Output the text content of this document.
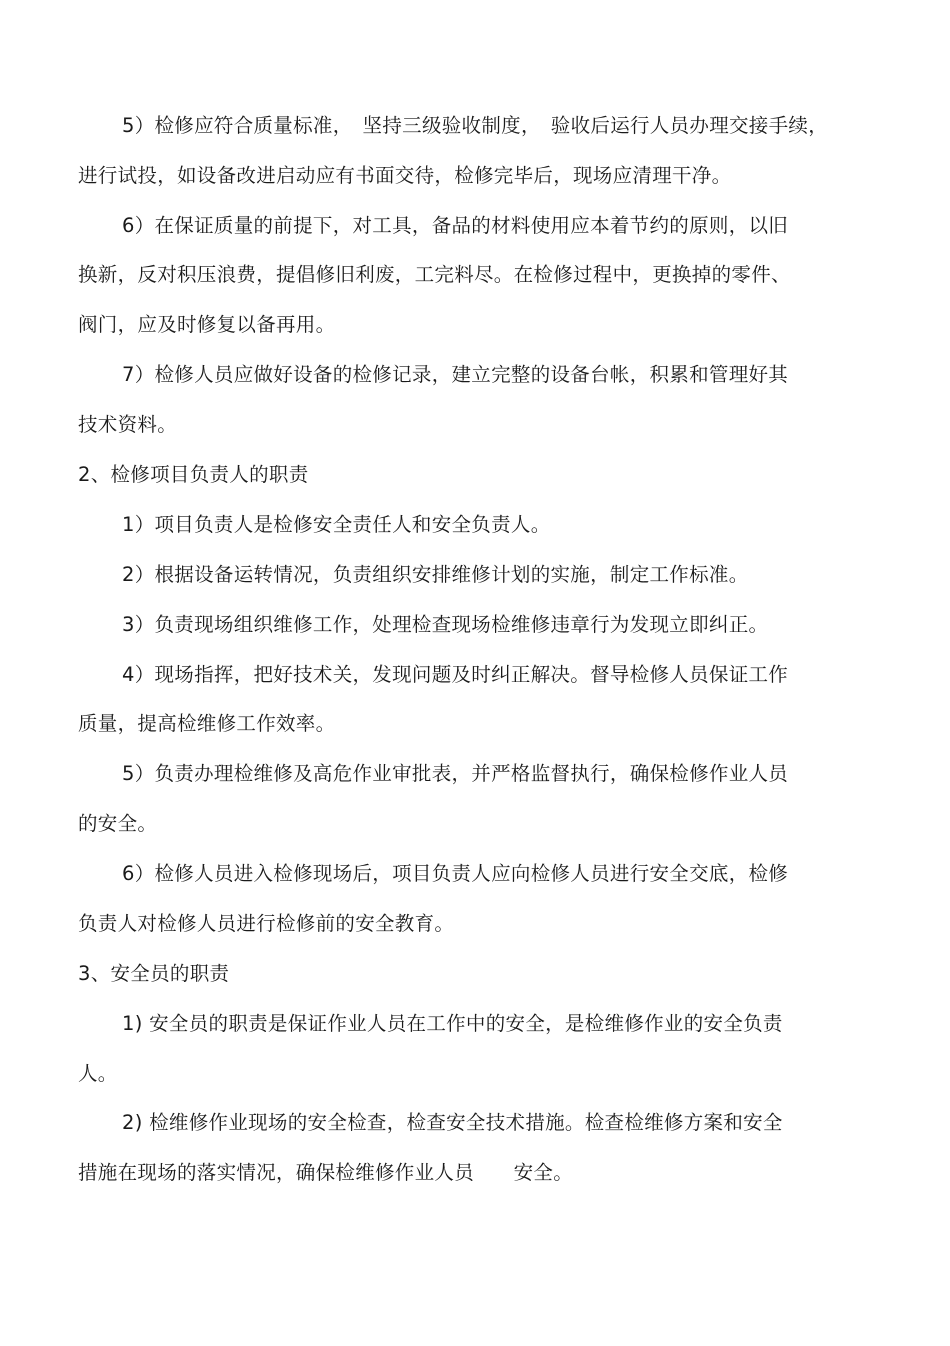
5）检修应符合质量标准，　坚持三级验收制度，　验收后运行人员办理交接手续，

进行试投，如设备改进启动应有书面交待，检修完毕后，现场应清理干净。

6）在保证质量的前提下，对工具，备品的材料使用应本着节约的原则，以旧

换新，反对积压浪费，提倡修旧利废，工完料尽。在检修过程中，更换掉的零件、

阀门，应及时修复以备再用。

7）检修人员应做好设备的检修记录，建立完整的设备台帐，积累和管理好其

技术资料。

2、检修项目负责人的职责

1）项目负责人是检修安全责任人和安全负责人。

2）根据设备运转情况，负责组织安排维修计划的实施，制定工作标准。

3）负责现场组织维修工作，处理检查现场检维修违章行为发现立即纠正。

4）现场指挥，把好技术关，发现问题及时纠正解决。督导检修人员保证工作

质量，提高检维修工作效率。

5）负责办理检维修及高危作业审批表，并严格监督执行，确保检修作业人员

的安全。

6）检修人员进入检修现场后，项目负责人应向检修人员进行安全交底，检修

负责人对检修人员进行检修前的安全教育。

3、安全员的职责

1) 安全员的职责是保证作业人员在工作中的安全，是检维修作业的安全负责

人。

2) 检维修作业现场的安全检查，检查安全技术措施。检查检维修方案和安全

措施在现场的落实情况，确保检维修作业人员　　安全。
